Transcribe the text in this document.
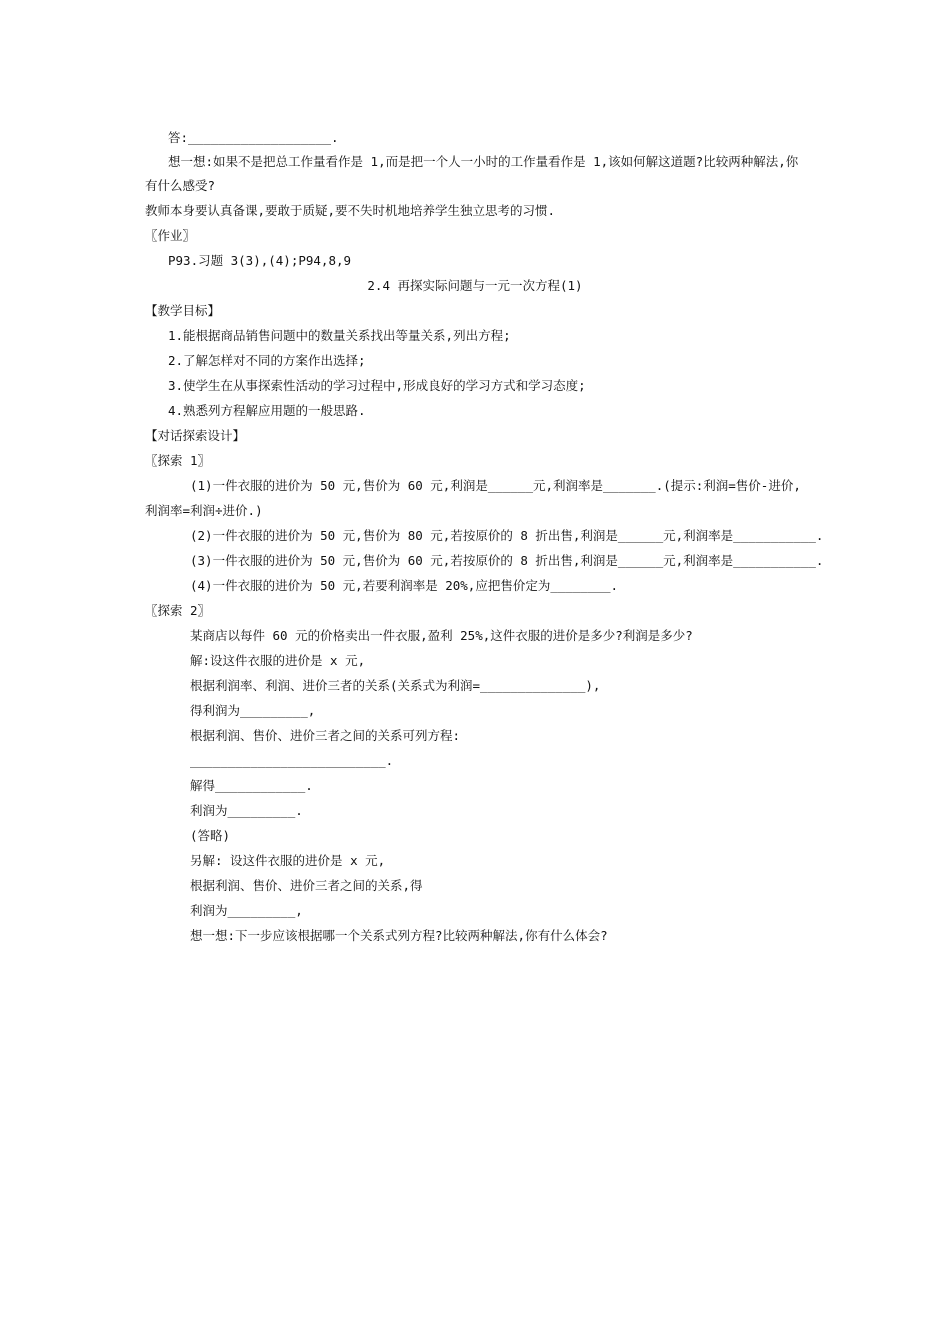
答:___________________.
想一想:如果不是把总工作量看作是 1,而是把一个人一小时的工作量看作是 1,该如何解这道题?比较两种解法,你
有什么感受?
教师本身要认真备课,要敢于质疑,要不失时机地培养学生独立思考的习惯.
〖作业〗
P93.习题 3(3),(4);P94,8,9
2.4 再探实际问题与一元一次方程(1)
【教学目标】
1.能根据商品销售问题中的数量关系找出等量关系,列出方程;
2.了解怎样对不同的方案作出选择;
3.使学生在从事探索性活动的学习过程中,形成良好的学习方式和学习态度;
4.熟悉列方程解应用题的一般思路.
【对话探索设计】
〖探索 1〗
(1)一件衣服的进价为 50 元,售价为 60 元,利润是______元,利润率是_______.(提示:利润=售价-进价,
利润率=利润÷进价.)
(2)一件衣服的进价为 50 元,售价为 80 元,若按原价的 8 折出售,利润是______元,利润率是___________.
(3)一件衣服的进价为 50 元,售价为 60 元,若按原价的 8 折出售,利润是______元,利润率是___________.
(4)一件衣服的进价为 50 元,若要利润率是 20%,应把售价定为________.
〖探索 2〗
某商店以每件 60 元的价格卖出一件衣服,盈利 25%,这件衣服的进价是多少?利润是多少?
解:设这件衣服的进价是 x 元,
根据利润率、利润、进价三者的关系(关系式为利润=______________),
得利润为_________,
根据利润、售价、进价三者之间的关系可列方程:
__________________________.
解得____________.
利润为_________.
(答略)
另解: 设这件衣服的进价是 x 元,
根据利润、售价、进价三者之间的关系,得
利润为_________,
想一想:下一步应该根据哪一个关系式列方程?比较两种解法,你有什么体会?
